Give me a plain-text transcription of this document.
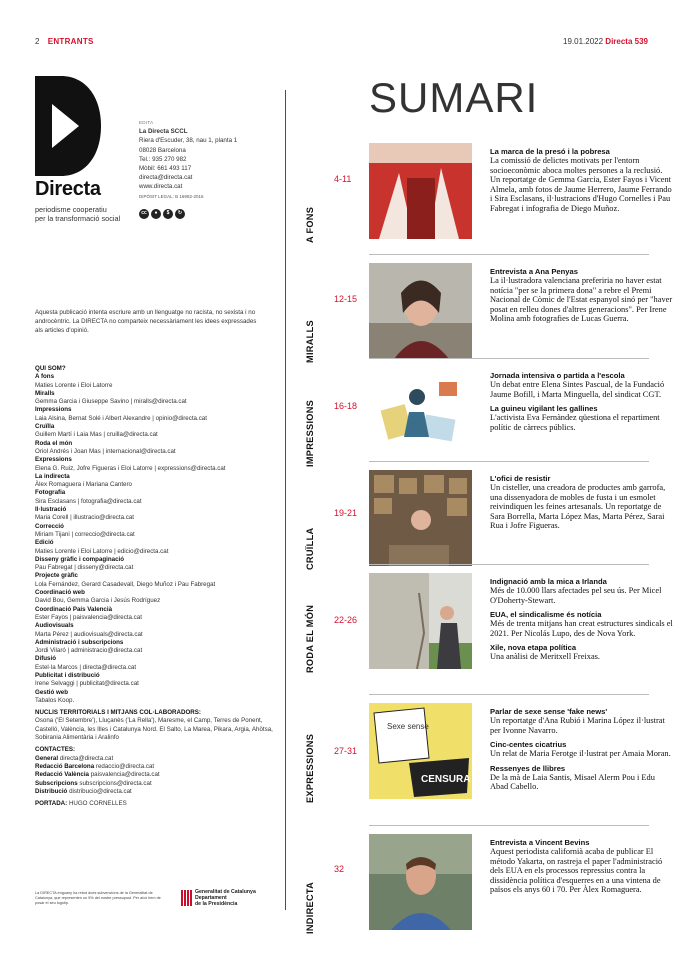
2 ENTRANTS	19.01.2022 Directa 539
Directa
periodisme cooperatiu
per la transformació social
EDITA
La Directa SCCL
Riera d'Escuder, 38, nau 1, planta 1
08028 Barcelona
Tel.: 935 270 982
Mòbil: 661 493 117
directa@directa.cat
www.directa.cat
DIPÒSIT LEGAL: B 16982-2016
cc	●	$	↻
Aquesta publicació intenta escriure amb un llenguatge no racista, no sexista i no androcèntric. La DIRECTA no comparteix necessàriament les idees expressades als articles d'opinió.
QUI SOM?
A fons
Maties Lorente i Eloi Latorre
Miralls
Gemma Garcia i Giuseppe Savino | miralls@directa.cat
Impressions
Laia Alsina, Bernat Solé i Albert Alexandre | opinio@directa.cat
Cruïlla
Guillem Martí i Laia Mas | cruilla@directa.cat
Roda el món
Oriol Andrés i Joan Mas | internacional@directa.cat
Expressions
Elena G. Ruiz, Jofre Figueras i Eloi Latorre | expressions@directa.cat
La indirecta
Àlex Romaguera i Mariana Cantero
Fotografia
Sira Esclasans | fotografia@directa.cat
Il·lustració
Maria Corell | illustracio@directa.cat
Correcció
Miriam Tijani | correccio@directa.cat
Edició
Maties Lorente i Eloi Latorre | edicio@directa.cat
Disseny gràfic i compaginació
Pau Fabregat | disseny@directa.cat
Projecte gràfic
Lola Fernández, Gerard Casadevall, Diego Muñoz i Pau Fabregat
Coordinació web
David Bou, Gemma Garcia i Jesús Rodríguez
Coordinació País Valencià
Ester Fayos | paisvalencia@directa.cat
Audiovisuals
Marta Pérez | audiovisuals@directa.cat
Administració i subscripcions
Jordi Vilaró | administracio@directa.cat
Difusió
Estel·la Marcos | directa@directa.cat
Publicitat i distribució
Irene Selvaggi | publicitat@directa.cat
Gestió web
Tabalos Koop.
NUCLIS TERRITORIALS I MITJANS COL·LABORADORS:
Osona ('El Setembre'), Lluçanès ('La Rella'), Maresme, el Camp, Terres de Ponent, Castelló, València, les Illes i Catalunya Nord. El Salto, La Marea, Pikara, Argia, Ahötsa, Sobirania Alimentària i Aralinfo
CONTACTES:
General directa@directa.cat
Redacció Barcelona redaccio@directa.cat
Redacció València paisvalencia@directa.cat
Subscripcions subscripcions@directa.cat
Distribució distribucio@directa.cat
PORTADA: HUGO CORNELLES
La DIRECTA enguany ha rebut dues subvencions de la Generalitat de Catalunya, que representen un 5% del nostre pressupost. Per això hem de posar el seu logotip.
Generalitat de Catalunya
Departament
de la Presidència
SUMARI
A FONS
4-11
La marca de la presó i la pobresa
La comissió de delictes motivats per l'entorn socioeconòmic aboca moltes persones a la reclusió. Un reportatge de Gemma Garcia, Ester Fayos i Vicent Almela, amb fotos de Jaume Herrero, Jaume Ferrando i Sira Esclasans, il·lustracions d'Hugo Cornelles i Pau Fabregat i infografia de Diego Muñoz.
MIRALLS
12-15
Entrevista a Ana Penyas
La il·lustradora valenciana preferiria no haver estat notícia "per se la primera dona" a rebre el Premi Nacional de Còmic de l'Estat espanyol sinó per "haver posat en relleu dones d'altres generacions". Per Irene Molina amb fotografies de Lucas Guerra.
IMPRESSIONS	16-18
Jornada intensiva o partida a l'escola
Un debat entre Elena Sintes Pascual, de la Fundació Jaume Bofill, i Marta Minguella, del sindicat CGT.
La guineu vigilant les gallines
L'activista Eva Fernàndez qüestiona el repartiment polític de càrrecs públics.
CRUÏLLA
19-21
L'ofici de resistir
Un cisteller, una creadora de productes amb garrofa, una dissenyadora de mobles de fusta i un esmolet reivindiquen les feines artesanals. Un reportatge de Sara Borrella, Marta López Mas, Marta Pérez, Sarai Rua i Jofre Figueras.
RODA EL MÓN	22-26
Indignació amb la mica a Irlanda
Més de 10.000 llars afectades pel seu ús. Per Micel O'Doherty-Stewart.
EUA, el sindicalisme és notícia
Més de trenta mitjans han creat estructures sindicals el 2021. Per Nicolás Lupo, des de Nova York.
Xile, nova etapa política
Una anàlisi de Meritxell Freixas.
EXPRESSIONS	27-31
Sexe sense
CENSURA
Parlar de sexe sense 'fake news'
Un reportatge d'Ana Rubió i Marina López il·lustrat per Ivonne Navarro.
Cinc-centes cicatrius
Un relat de Maria Ferotge il·lustrat per Amaia Moran.
Ressenyes de llibres
De la mà de Laia Santis, Misael Alerm Pou i Edu Abad Cabello.
INDIRECTA
32
Entrevista a Vincent Bevins
Aquest periodista californià acaba de publicar El método Yakarta, on rastreja el paper l'administració dels EUA en els processos repressius contra la dissidència política d'esquerres en a una vintena de països els anys 60 i 70. Per Àlex Romaguera.
